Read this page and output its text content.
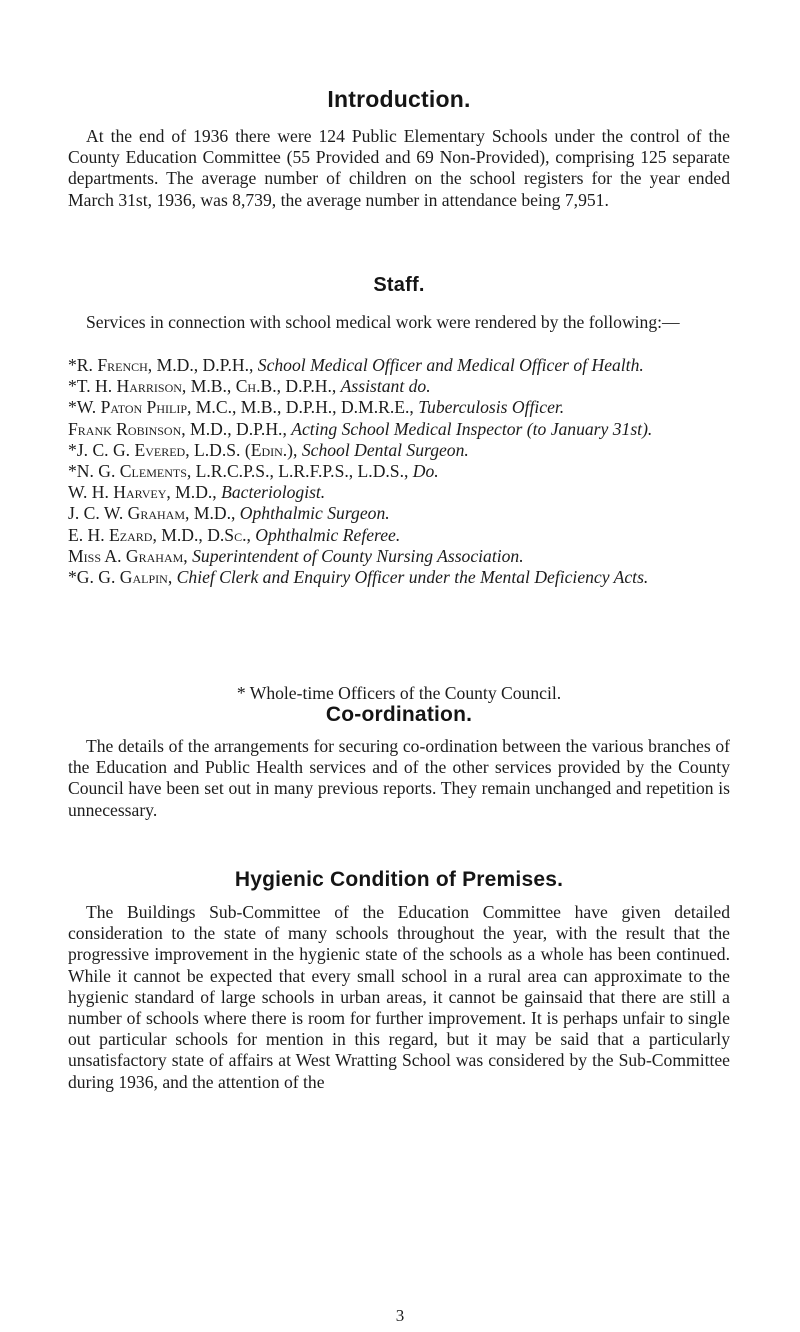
Introduction.

At the end of 1936 there were 124 Public Elementary Schools under the control of the County Education Committee (55 Provided and 69 Non-Provided), comprising 125 separate departments. The average number of children on the school registers for the year ended March 31st, 1936, was 8,739, the average number in attendance being 7,951.

Staff.

Services in connection with school medical work were rendered by the following:—

*R. French, M.D., D.P.H., School Medical Officer and Medical Officer of Health.
*T. H. Harrison, M.B., Ch.B., D.P.H., Assistant do.
*W. Paton Philip, M.C., M.B., D.P.H., D.M.R.E., Tuberculosis Officer.
Frank Robinson, M.D., D.P.H., Acting School Medical Inspector (to January 31st).
*J. C. G. Evered, L.D.S. (Edin.), School Dental Surgeon.
*N. G. Clements, L.R.C.P.S., L.R.F.P.S., L.D.S., Do.
W. H. Harvey, M.D., Bacteriologist.
J. C. W. Graham, M.D., Ophthalmic Surgeon.
E. H. Ezard, M.D., D.Sc., Ophthalmic Referee.
Miss A. Graham, Superintendent of County Nursing Association.
*G. G. Galpin, Chief Clerk and Enquiry Officer under the Mental Deficiency Acts.

* Whole-time Officers of the County Council.

Co-ordination.

The details of the arrangements for securing co-ordination between the various branches of the Education and Public Health services and of the other services provided by the County Council have been set out in many previous reports. They remain unchanged and repetition is unnecessary.

Hygienic Condition of Premises.

The Buildings Sub-Committee of the Education Committee have given detailed consideration to the state of many schools throughout the year, with the result that the progressive improvement in the hygienic state of the schools as a whole has been continued. While it cannot be expected that every small school in a rural area can approximate to the hygienic standard of large schools in urban areas, it cannot be gainsaid that there are still a number of schools where there is room for further improvement. It is perhaps unfair to single out particular schools for mention in this regard, but it may be said that a particularly unsatisfactory state of affairs at West Wratting School was considered by the Sub-Committee during 1936, and the attention of the

3
